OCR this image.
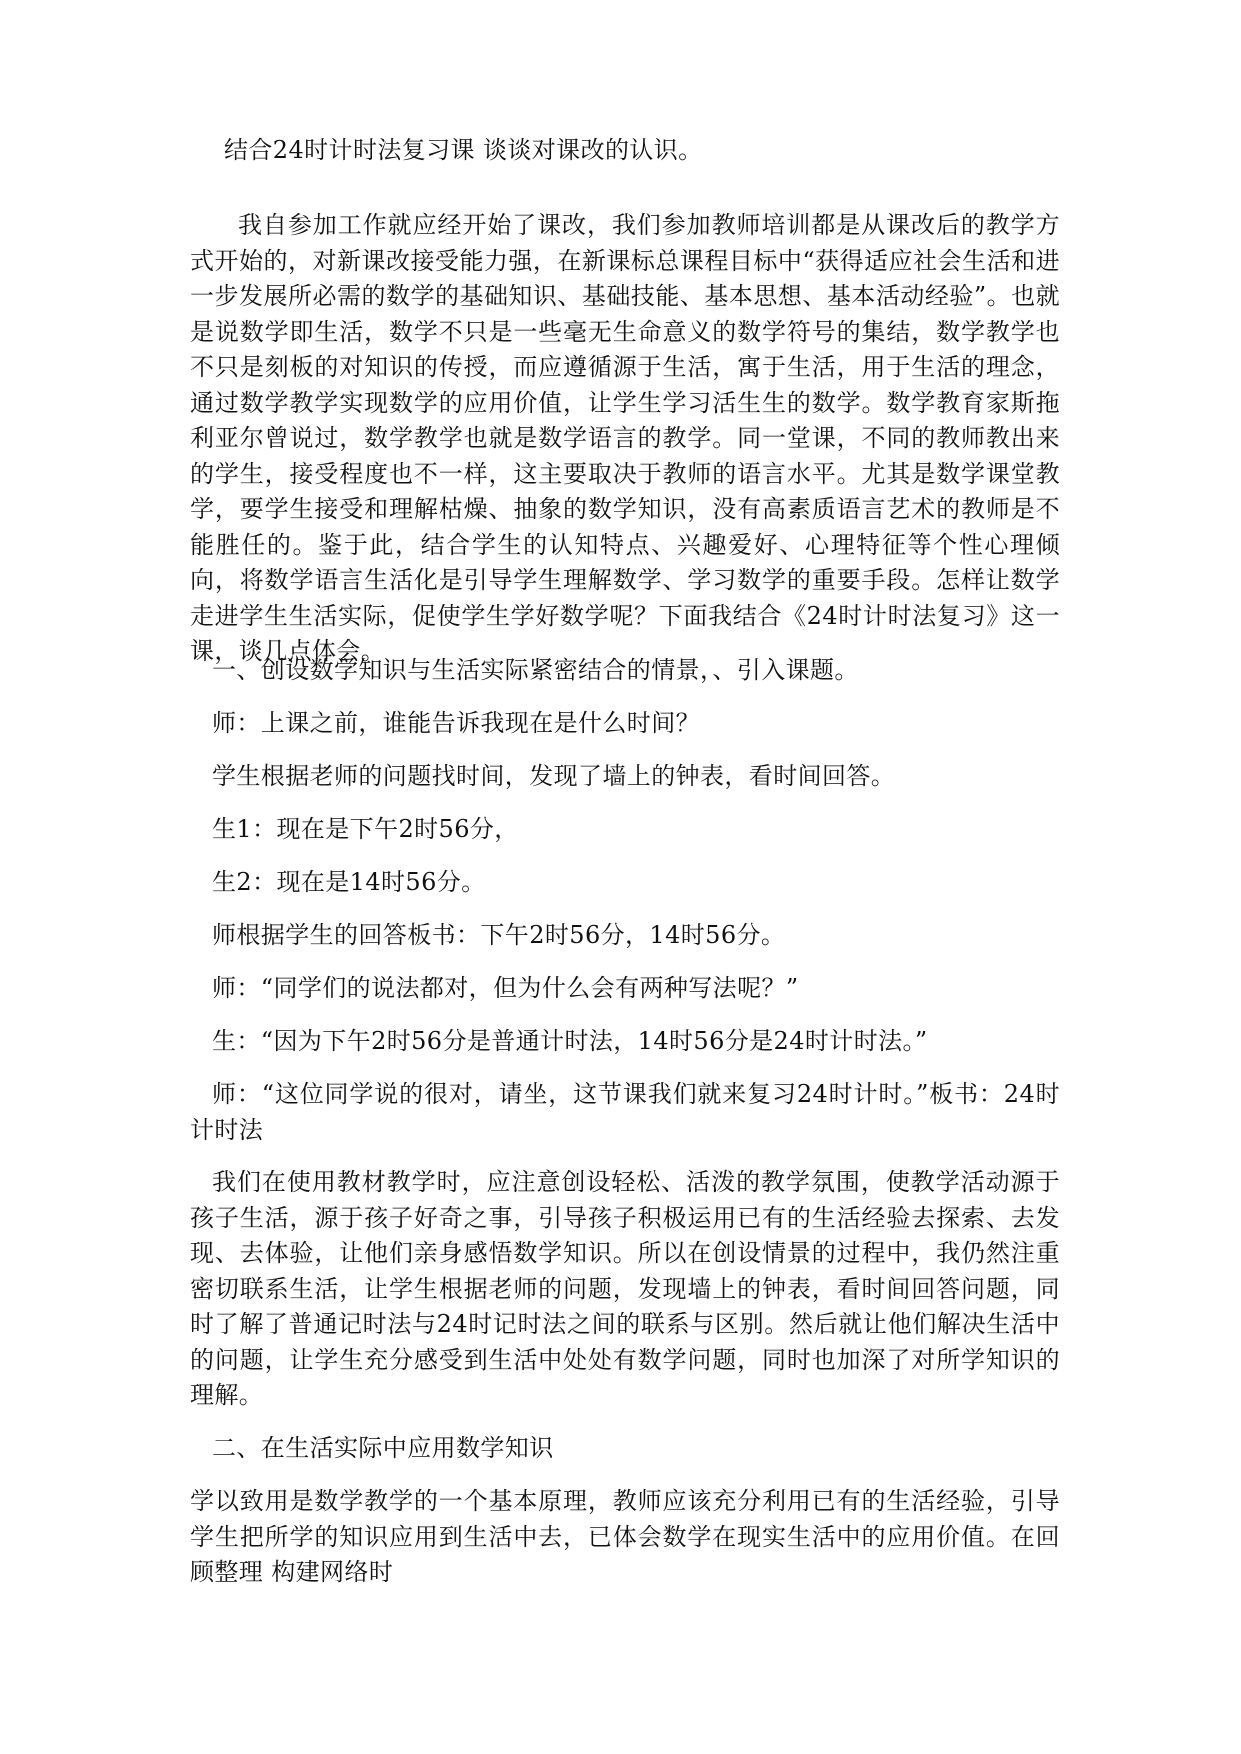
结合24时计时法复习课 谈谈对课改的认识。

我自参加工作就应经开始了课改，我们参加教师培训都是从课改后的教学方式开始的，对新课改接受能力强，在新课标总课程目标中“获得适应社会生活和进一步发展所必需的数学的基础知识、基础技能、基本思想、基本活动经验”。也就是说数学即生活，数学不只是一些毫无生命意义的数学符号的集结，数学教学也不只是刻板的对知识的传授，而应遵循源于生活，寓于生活，用于生活的理念，通过数学教学实现数学的应用价值，让学生学习活生生的数学。数学教育家斯拖利亚尔曾说过，数学教学也就是数学语言的教学。同一堂课，不同的教师教出来的学生，接受程度也不一样，这主要取决于教师的语言水平。尤其是数学课堂教学，要学生接受和理解枯燥、抽象的数学知识，没有高素质语言艺术的教师是不能胜任的。鉴于此，结合学生的认知特点、兴趣爱好、心理特征等个性心理倾向，将数学语言生活化是引导学生理解数学、学习数学的重要手段。怎样让数学走进学生生活实际，促使学生学好数学呢？下面我结合《24时计时法复习》这一课，谈几点体会。

一、创设数学知识与生活实际紧密结合的情景，、引入课题。

师：上课之前，谁能告诉我现在是什么时间？

学生根据老师的问题找时间，发现了墙上的钟表，看时间回答。

生1：现在是下午2时56分，

生2：现在是14时56分。

师根据学生的回答板书：下午2时56分，14时56分。

师：“同学们的说法都对，但为什么会有两种写法呢？”

生：“因为下午2时56分是普通计时法，14时56分是24时计时法。”

师：“这位同学说的很对，请坐，这节课我们就来复习24时计时。”板书：24时计时法

我们在使用教材教学时，应注意创设轻松、活泼的教学氛围，使教学活动源于孩子生活，源于孩子好奇之事，引导孩子积极运用已有的生活经验去探索、去发现、去体验，让他们亲身感悟数学知识。所以在创设情景的过程中，我仍然注重密切联系生活，让学生根据老师的问题，发现墙上的钟表，看时间回答问题，同时了解了普通记时法与24时记时法之间的联系与区别。然后就让他们解决生活中的问题，让学生充分感受到生活中处处有数学问题，同时也加深了对所学知识的理解。

二、在生活实际中应用数学知识

学以致用是数学教学的一个基本原理，教师应该充分利用已有的生活经验，引导学生把所学的知识应用到生活中去，已体会数学在现实生活中的应用价值。在回顾整理 构建网络时
